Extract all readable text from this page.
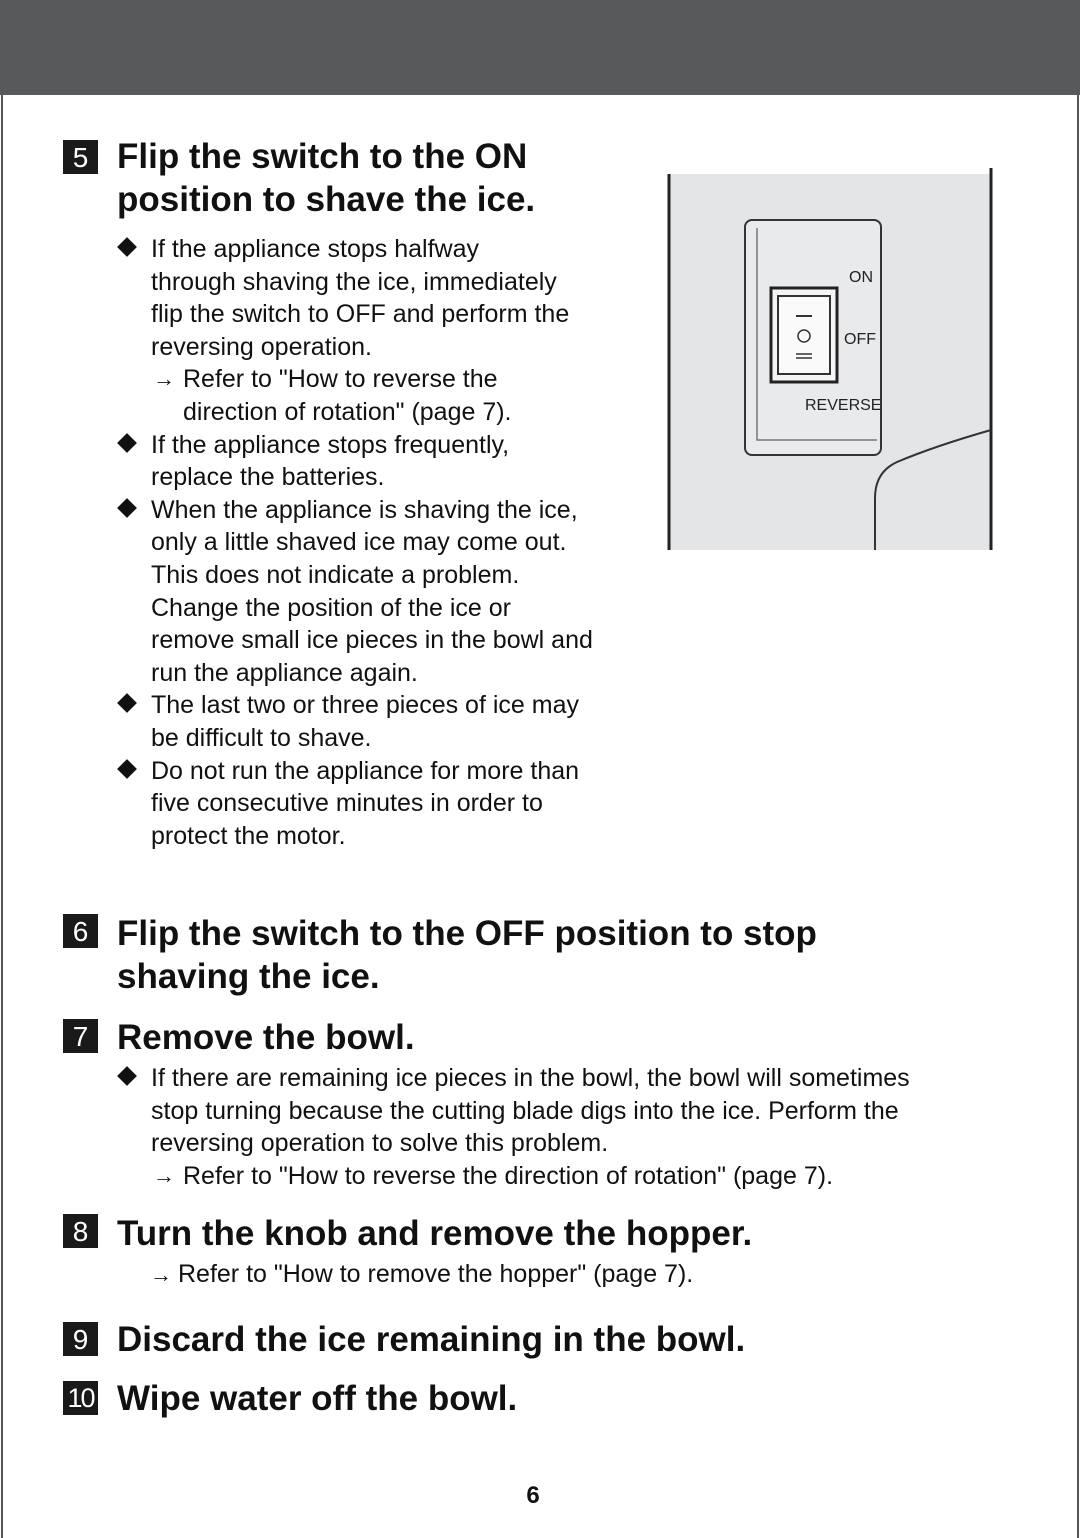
5 Flip the switch to the ON
position to shave the ice.
If the appliance stops halfway
through shaving the ice, immediately
flip the switch to OFF and perform the
reversing operation.
→ Refer to "How to reverse the
direction of rotation" (page 7).
If the appliance stops frequently,
replace the batteries.
When the appliance is shaving the ice,
only a little shaved ice may come out.
This does not indicate a problem.
Change the position of the ice or
remove small ice pieces in the bowl and
run the appliance again.
The last two or three pieces of ice may
be difficult to shave.
Do not run the appliance for more than
five consecutive minutes in order to
protect the motor.
ON
OFF
REVERSE
6 Flip the switch to the OFF position to stop
shaving the ice.
7 Remove the bowl.
If there are remaining ice pieces in the bowl, the bowl will sometimes
stop turning because the cutting blade digs into the ice. Perform the
reversing operation to solve this problem.
→ Refer to "How to reverse the direction of rotation" (page 7).
8 Turn the knob and remove the hopper.
→ Refer to "How to remove the hopper" (page 7).
9 Discard the ice remaining in the bowl.
10 Wipe water off the bowl.
6
